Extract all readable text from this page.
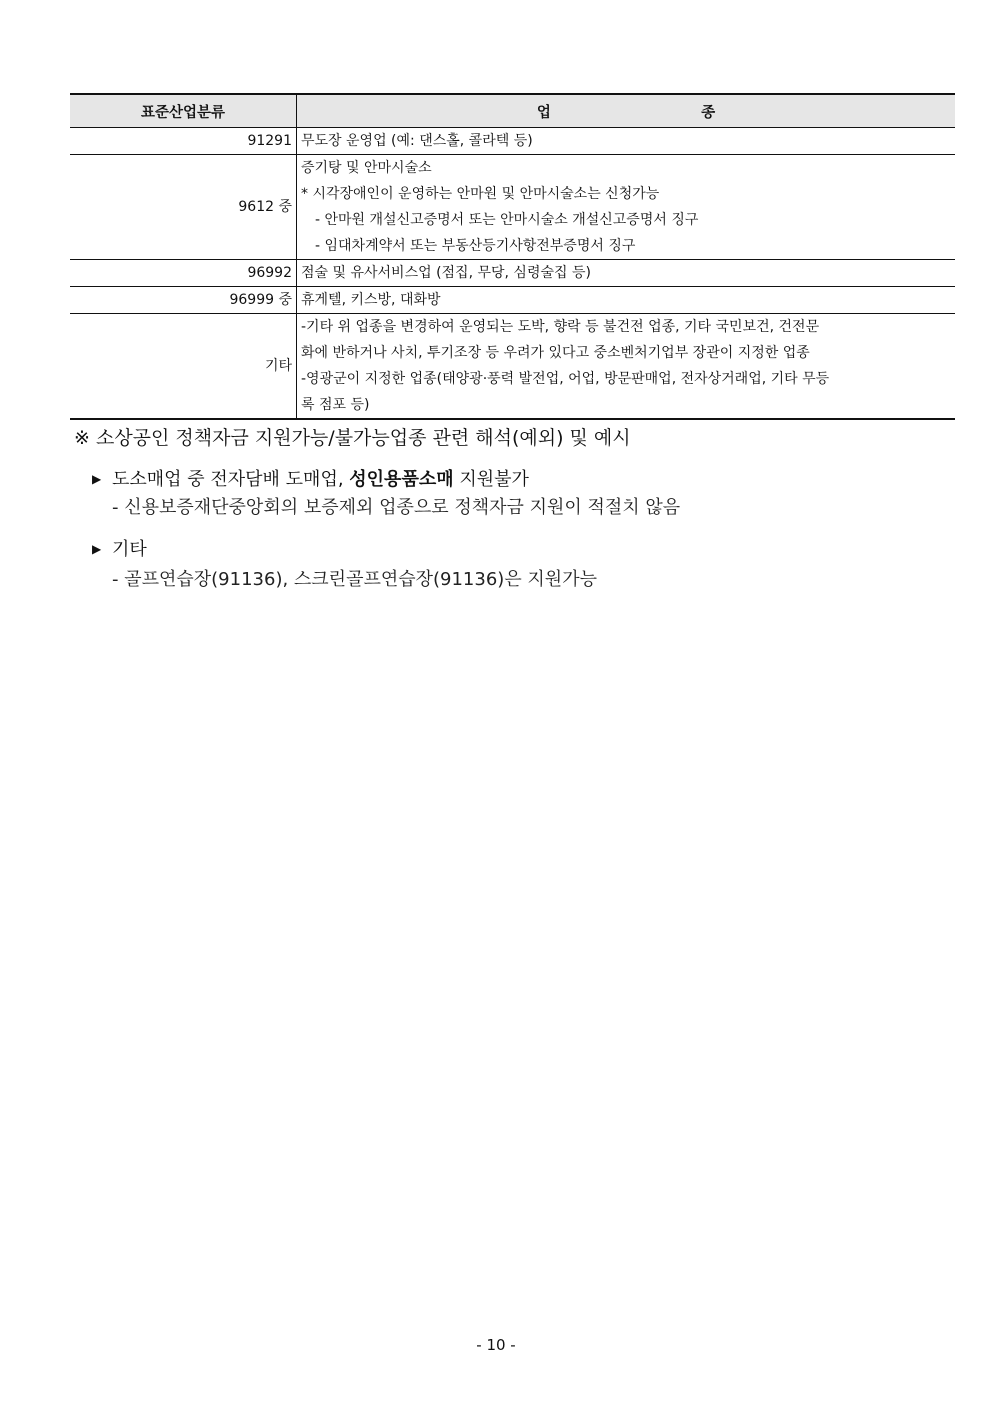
표준산업분류	업 종
91291	무도장 운영업 (예: 댄스홀, 콜라텍 등)

9612 중	증기탕 및 안마시술소
* 시각장애인이 운영하는 안마원 및 안마시술소는 신청가능
- 안마원 개설신고증명서 또는 안마시술소 개설신고증명서 징구
- 임대차계약서 또는 부동산등기사항전부증명서 징구

96992	점술 및 유사서비스업 (점집, 무당, 심령술집 등)

96999 중	휴게텔, 키스방, 대화방

기타	-기타 위 업종을 변경하여 운영되는 도박, 향락 등 불건전 업종, 기타 국민보건, 건전문
화에 반하거나 사치, 투기조장 등 우려가 있다고 중소벤처기업부 장관이 지정한 업종
-영광군이 지정한 업종(태양광·풍력 발전업, 어업, 방문판매업, 전자상거래업, 기타 무등
록 점포 등)
※ 소상공인 정책자금 지원가능/불가능업종 관련 해석(예외) 및 예시
▶ 도소매업 중 전자담배 도매업, 성인용품소매 지원불가
- 신용보증재단중앙회의 보증제외 업종으로 정책자금 지원이 적절치 않음
▶ 기타
- 골프연습장(91136), 스크린골프연습장(91136)은 지원가능
- 10 -
